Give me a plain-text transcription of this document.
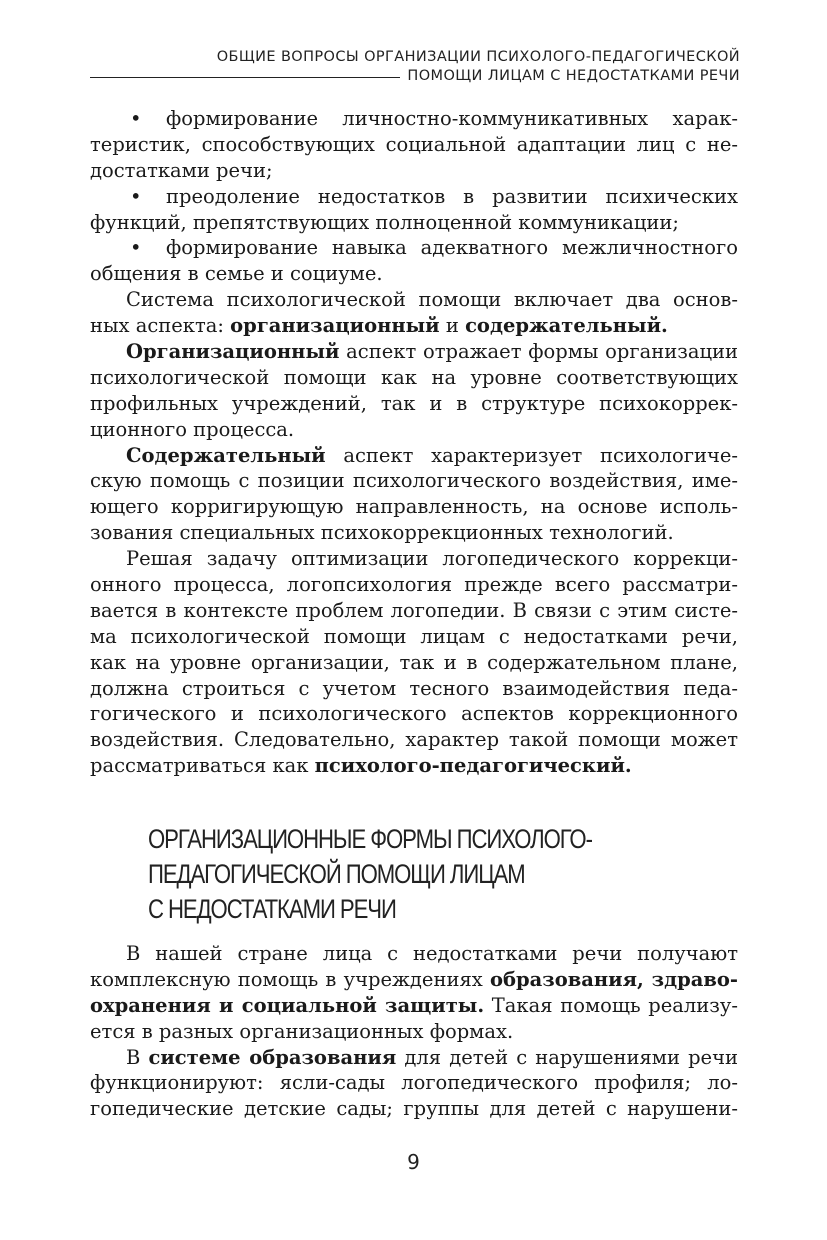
ОБЩИЕ ВОПРОСЫ ОРГАНИЗАЦИИ ПСИХОЛОГО-ПЕДАГОГИЧЕСКОЙ
ПОМОЩИ ЛИЦАМ С НЕДОСТАТКАМИ РЕЧИ
• формирование личностно-коммуникативных харак-
теристик, способствующих социальной адаптации лиц с не-
достатками речи;
• преодоление недостатков в развитии психических
функций, препятствующих полноценной коммуникации;
• формирование навыка адекватного межличностного
общения в семье и социуме.
Система психологической помощи включает два основ-
ных аспекта: организационный и содержательный.
Организационный аспект отражает формы организации
психологической помощи как на уровне соответствующих
профильных учреждений, так и в структуре психокоррек-
ционного процесса.
Содержательный аспект характеризует психологиче-
скую помощь с позиции психологического воздействия, име-
ющего корригирующую направленность, на основе исполь-
зования специальных психокоррекционных технологий.
Решая задачу оптимизации логопедического коррекци-
онного процесса, логопсихология прежде всего рассматри-
вается в контексте проблем логопедии. В связи с этим систе-
ма психологической помощи лицам с недостатками речи,
как на уровне организации, так и в содержательном плане,
должна строиться с учетом тесного взаимодействия педа-
гогического и психологического аспектов коррекционного
воздействия. Следовательно, характер такой помощи может
рассматриваться как психолого-педагогический.
ОРГАНИЗАЦИОННЫЕ ФОРМЫ ПСИХОЛОГО-
ПЕДАГОГИЧЕСКОЙ ПОМОЩИ ЛИЦАМ
С НЕДОСТАТКАМИ РЕЧИ
В нашей стране лица с недостатками речи получают
комплексную помощь в учреждениях образования, здраво-
охранения и социальной защиты. Такая помощь реализу-
ется в разных организационных формах.
В системе образования для детей с нарушениями речи
функционируют: ясли-сады логопедического профиля; ло-
гопедические детские сады; группы для детей с нарушени-
9
